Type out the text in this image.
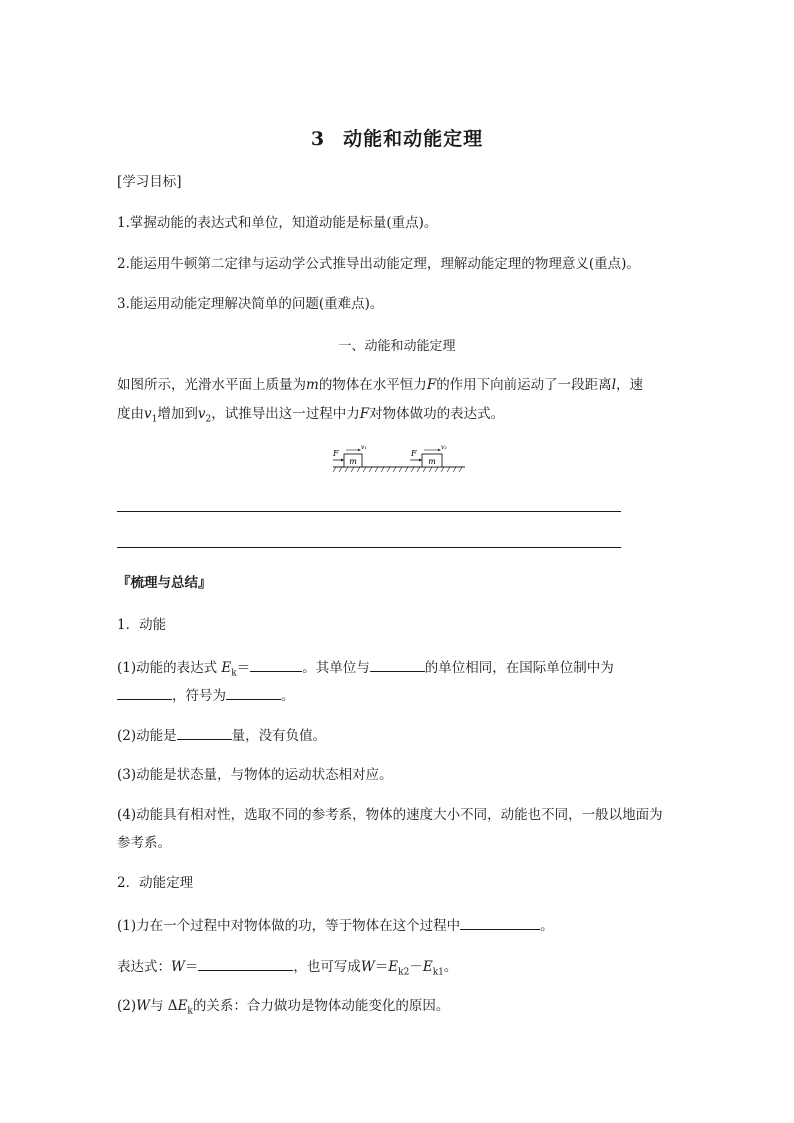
3 动能和动能定理
[学习目标]
1.掌握动能的表达式和单位，知道动能是标量(重点)。
2.能运用牛顿第二定律与运动学公式推导出动能定理，理解动能定理的物理意义(重点)。
3.能运用动能定理解决简单的问题(重难点)。
一、动能和动能定理
如图所示，光滑水平面上质量为m的物体在水平恒力F的作用下向前运动了一段距离l，速
度由$v_1$增加到$v_2$，试推导出这一过程中力F对物体做功的表达式。
m
F
v₁
m
F
v₂
『梳理与总结』
1．动能
(1)动能的表达式 $E_k=$	。其单位与	的单位相同，在国际单位制中为
，符号为	。
(2)动能是	量，没有负值。
(3)动能是状态量，与物体的运动状态相对应。
(4)动能具有相对性，选取不同的参考系，物体的速度大小不同，动能也不同，一般以地面为
参考系。
2．动能定理
(1)力在一个过程中对物体做的功，等于物体在这个过程中	。
表达式：W＝	，也可写成$W=E_{k2}-E_{k1}$。
(2)W与 $\Delta E_k$的关系：合力做功是物体动能变化的原因。
